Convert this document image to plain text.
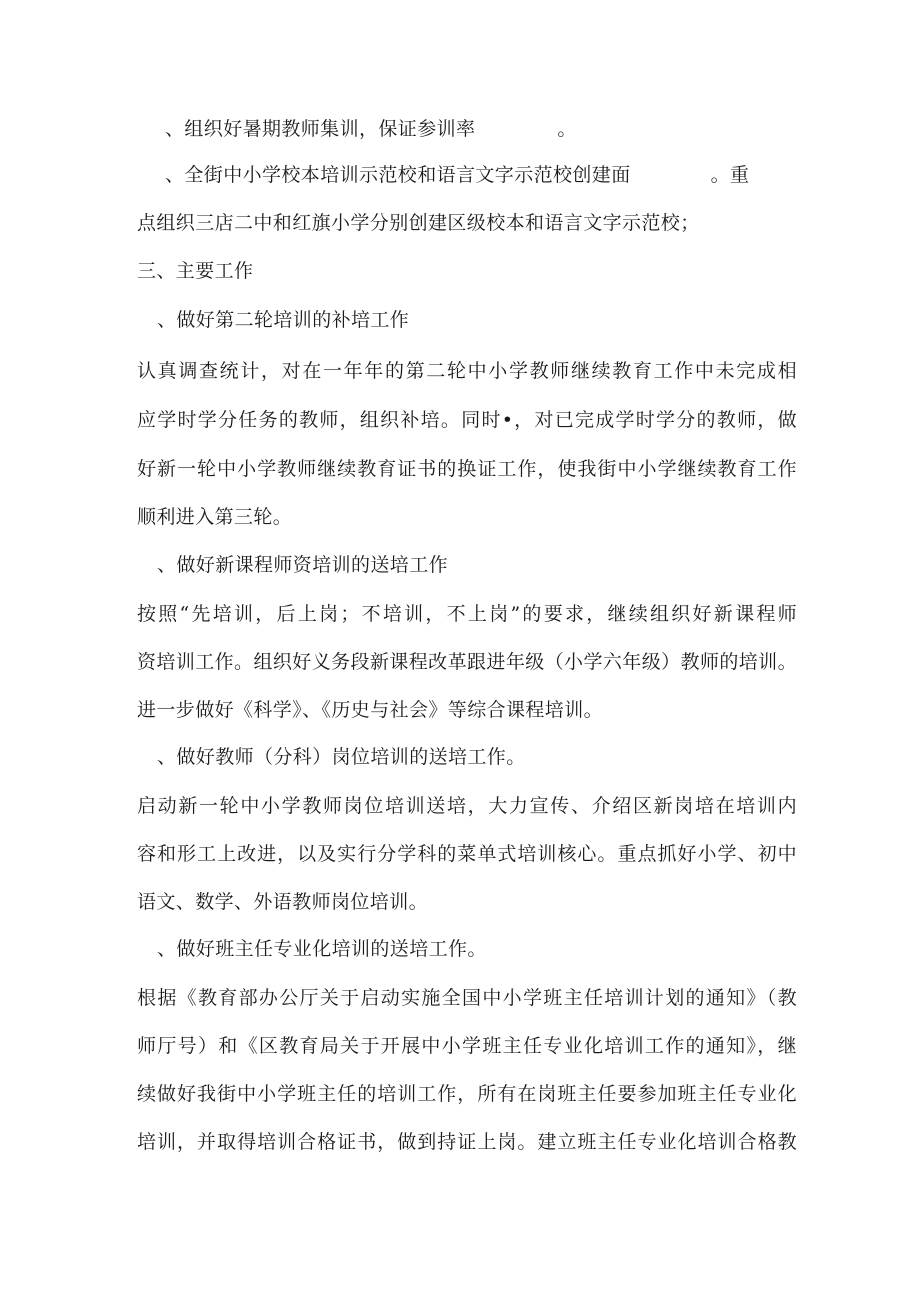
、组织好暑期教师集训，保证参训率	。
、全街中小学校本培训示范校和语言文字示范校创建面	。重
点组织三店二中和红旗小学分别创建区级校本和语言文字示范校；
三、主要工作
、做好第二轮培训的补培工作
认真调查统计，对在一年年的第二轮中小学教师继续教育工作中未完成相
应学时学分任务的教师，组织补培。同时•，对已完成学时学分的教师，做
好新一轮中小学教师继续教育证书的换证工作，使我街中小学继续教育工作
顺利进入第三轮。
、做好新课程师资培训的送培工作
按照“先培训，后上岗；不培训，不上岗”的要求，继续组织好新课程师
资培训工作。组织好义务段新课程改革跟进年级（小学六年级）教师的培训。
进一步做好《科学》、《历史与社会》等综合课程培训。
、做好教师（分科）岗位培训的送培工作。
启动新一轮中小学教师岗位培训送培，大力宣传、介绍区新岗培在培训内
容和形工上改进，以及实行分学科的菜单式培训核心。重点抓好小学、初中
语文、数学、外语教师岗位培训。
、做好班主任专业化培训的送培工作。
根据《教育部办公厅关于启动实施全国中小学班主任培训计划的通知》（教
师厅号）和《区教育局关于开展中小学班主任专业化培训工作的通知》，继
续做好我街中小学班主任的培训工作，所有在岗班主任要参加班主任专业化
培训，并取得培训合格证书，做到持证上岗。建立班主任专业化培训合格教
